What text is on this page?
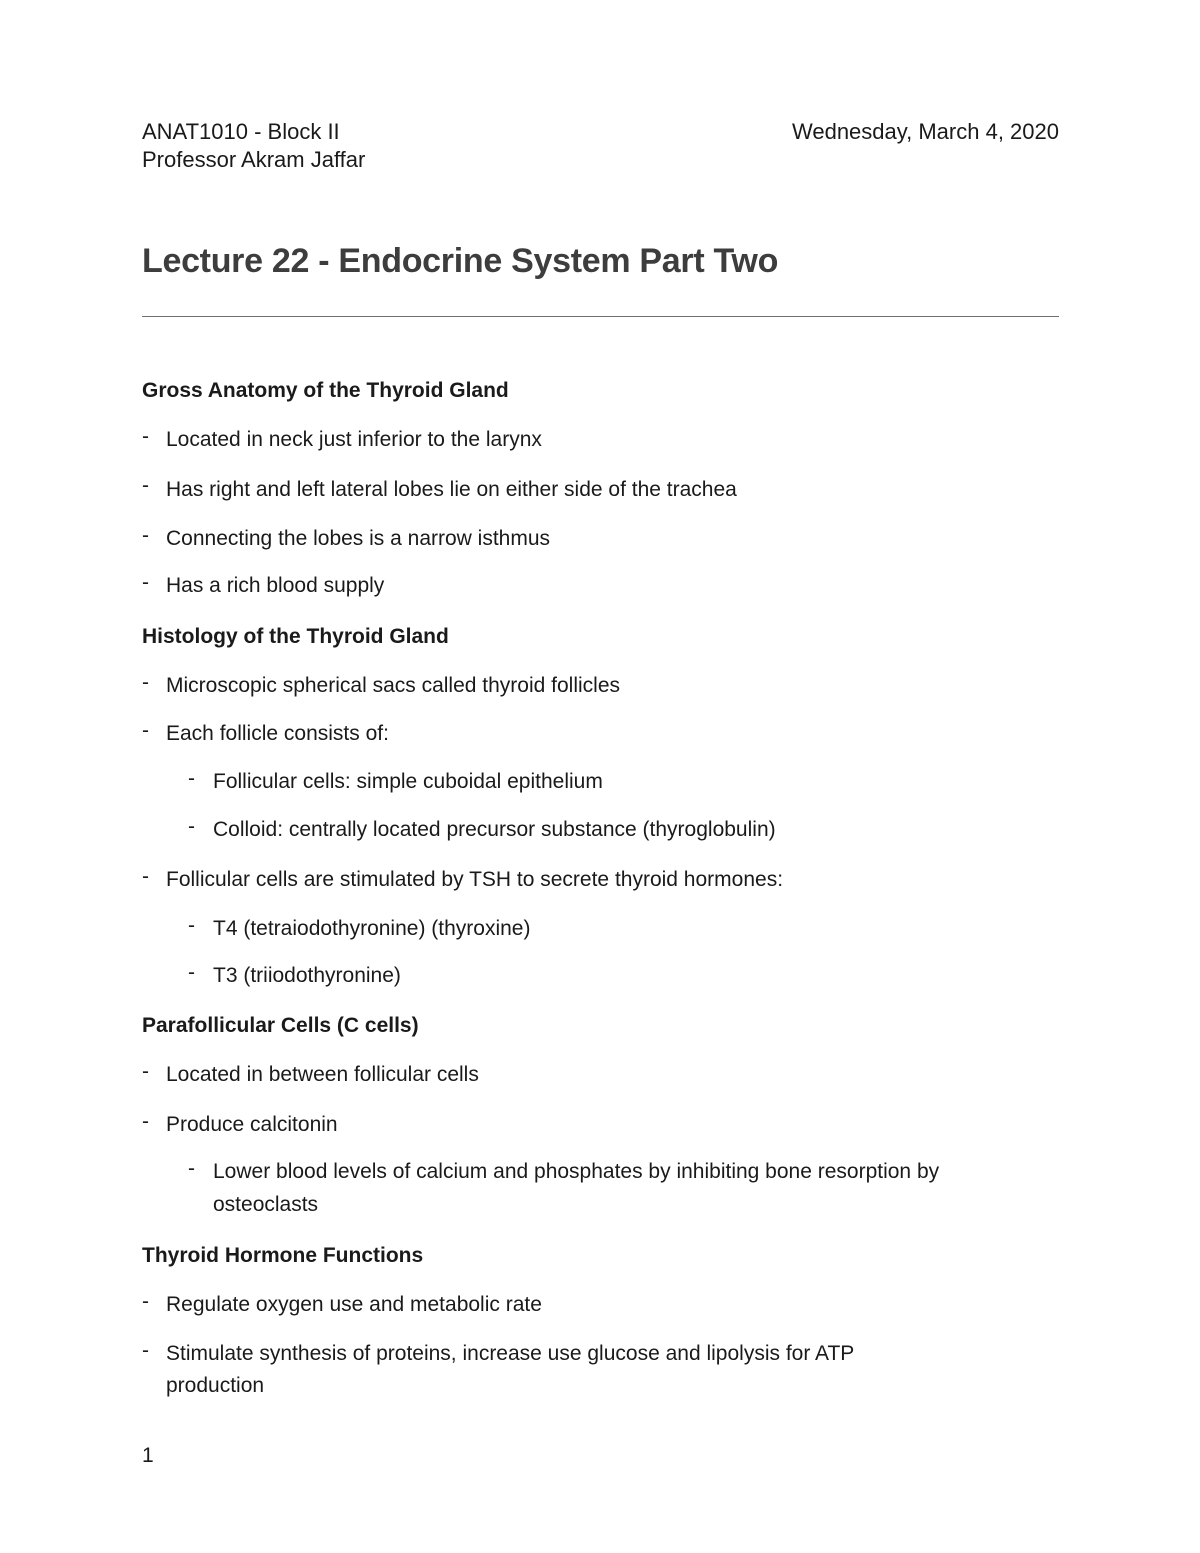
ANAT1010 - Block II
Professor Akram Jaffar
Wednesday, March 4, 2020
Lecture 22 - Endocrine System Part Two
Gross Anatomy of the Thyroid Gland
- Located in neck just inferior to the larynx
- Has right and left lateral lobes lie on either side of the trachea
- Connecting the lobes is a narrow isthmus
- Has a rich blood supply
Histology of the Thyroid Gland
- Microscopic spherical sacs called thyroid follicles
- Each follicle consists of:
- Follicular cells: simple cuboidal epithelium
- Colloid: centrally located precursor substance (thyroglobulin)
- Follicular cells are stimulated by TSH to secrete thyroid hormones:
- T4 (tetraiodothyronine) (thyroxine)
- T3 (triiodothyronine)
Parafollicular Cells (C cells)
- Located in between follicular cells
- Produce calcitonin
- Lower blood levels of calcium and phosphates by inhibiting bone resorption by
osteoclasts
Thyroid Hormone Functions
- Regulate oxygen use and metabolic rate
- Stimulate synthesis of proteins, increase use glucose and lipolysis for ATP
production
1
